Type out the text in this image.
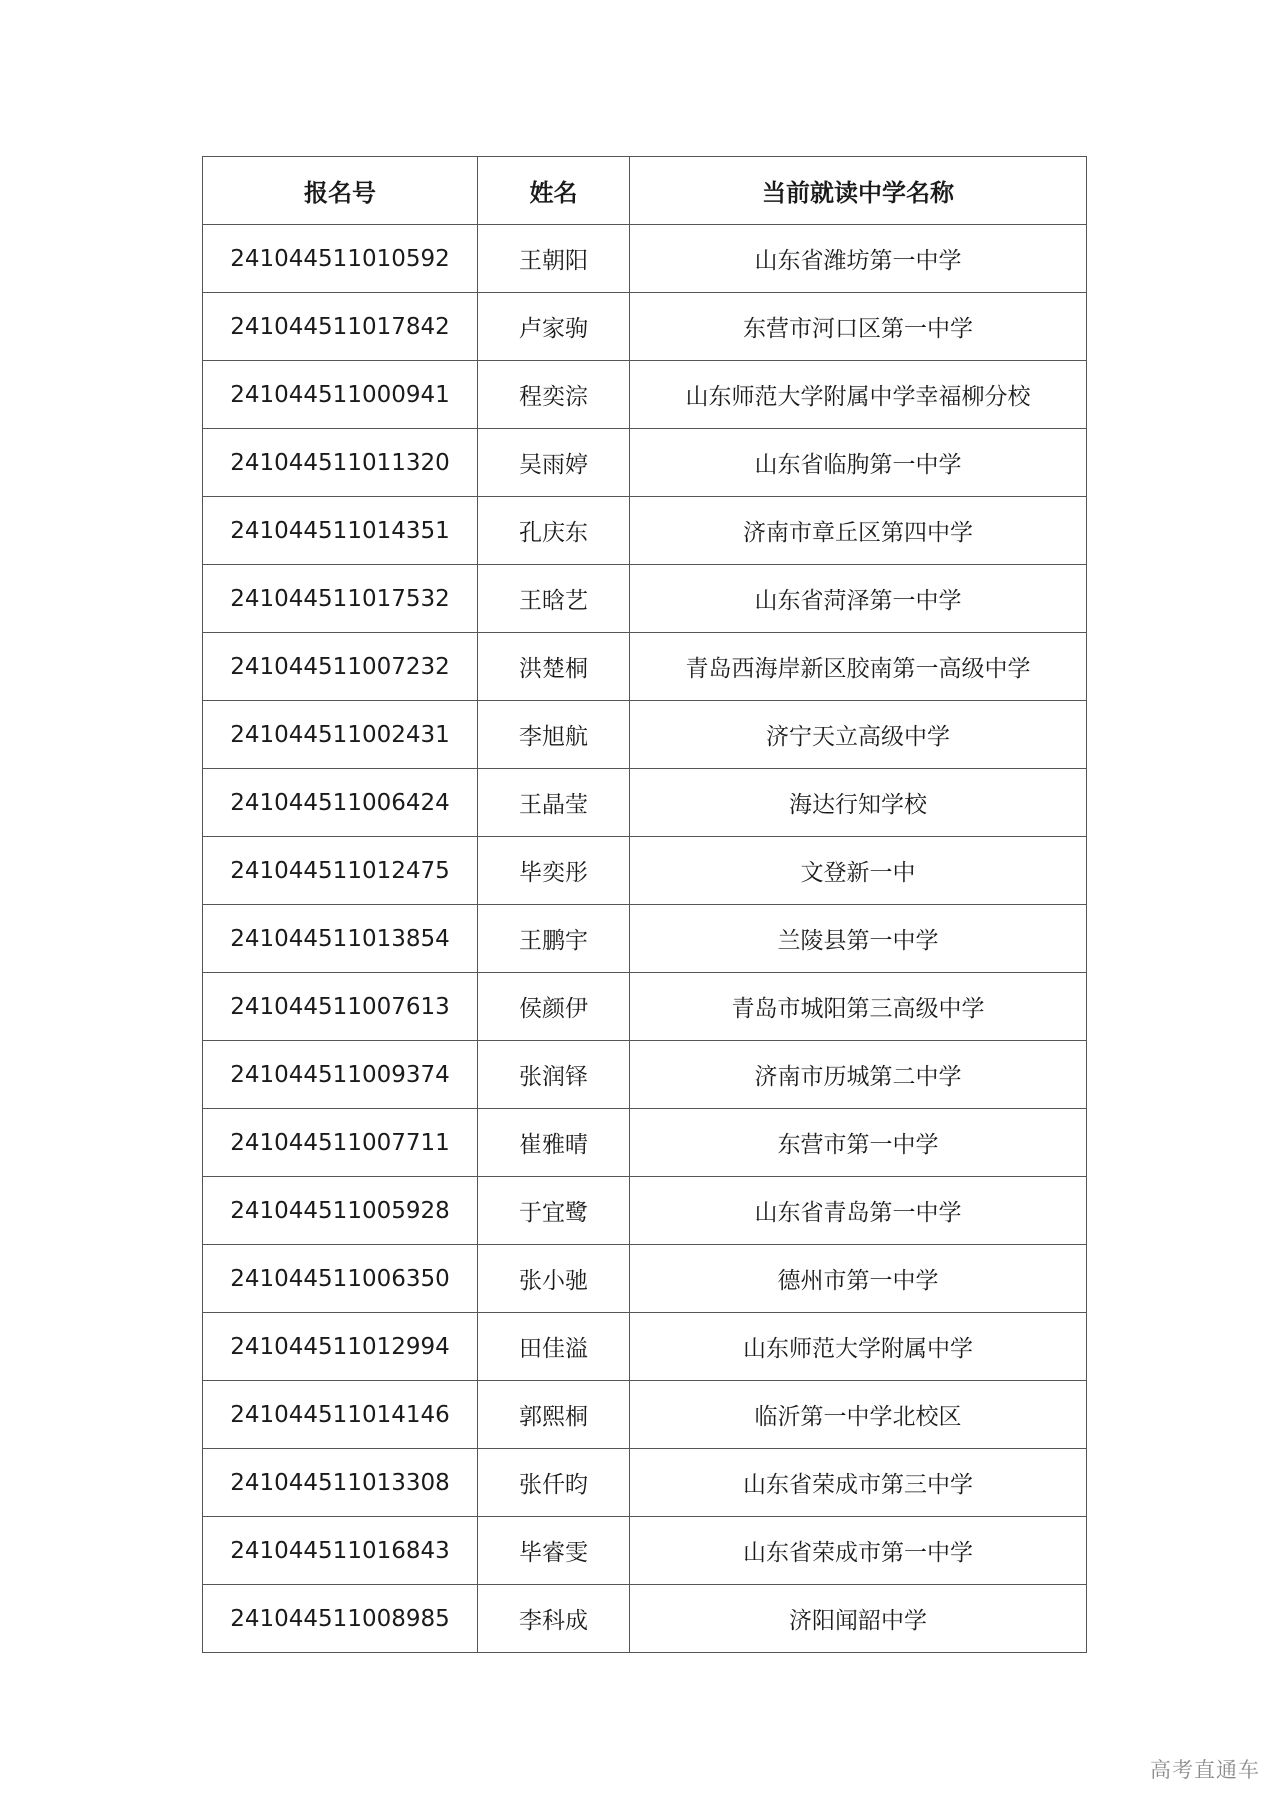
报名号	姓名	当前就读中学名称
241044511010592	王朝阳	山东省潍坊第一中学
241044511017842	卢家驹	东营市河口区第一中学
241044511000941	程奕淙	山东师范大学附属中学幸福柳分校
241044511011320	吴雨婷	山东省临朐第一中学
241044511014351	孔庆东	济南市章丘区第四中学
241044511017532	王晗艺	山东省菏泽第一中学
241044511007232	洪楚桐	青岛西海岸新区胶南第一高级中学
241044511002431	李旭航	济宁天立高级中学
241044511006424	王晶莹	海达行知学校
241044511012475	毕奕彤	文登新一中
241044511013854	王鹏宇	兰陵县第一中学
241044511007613	侯颜伊	青岛市城阳第三高级中学
241044511009374	张润铎	济南市历城第二中学
241044511007711	崔雅晴	东营市第一中学
241044511005928	于宜鹭	山东省青岛第一中学
241044511006350	张小驰	德州市第一中学
241044511012994	田佳溢	山东师范大学附属中学
241044511014146	郭熙桐	临沂第一中学北校区
241044511013308	张仟昀	山东省荣成市第三中学
241044511016843	毕睿雯	山东省荣成市第一中学
241044511008985	李科成	济阳闻韶中学
高考直通车
